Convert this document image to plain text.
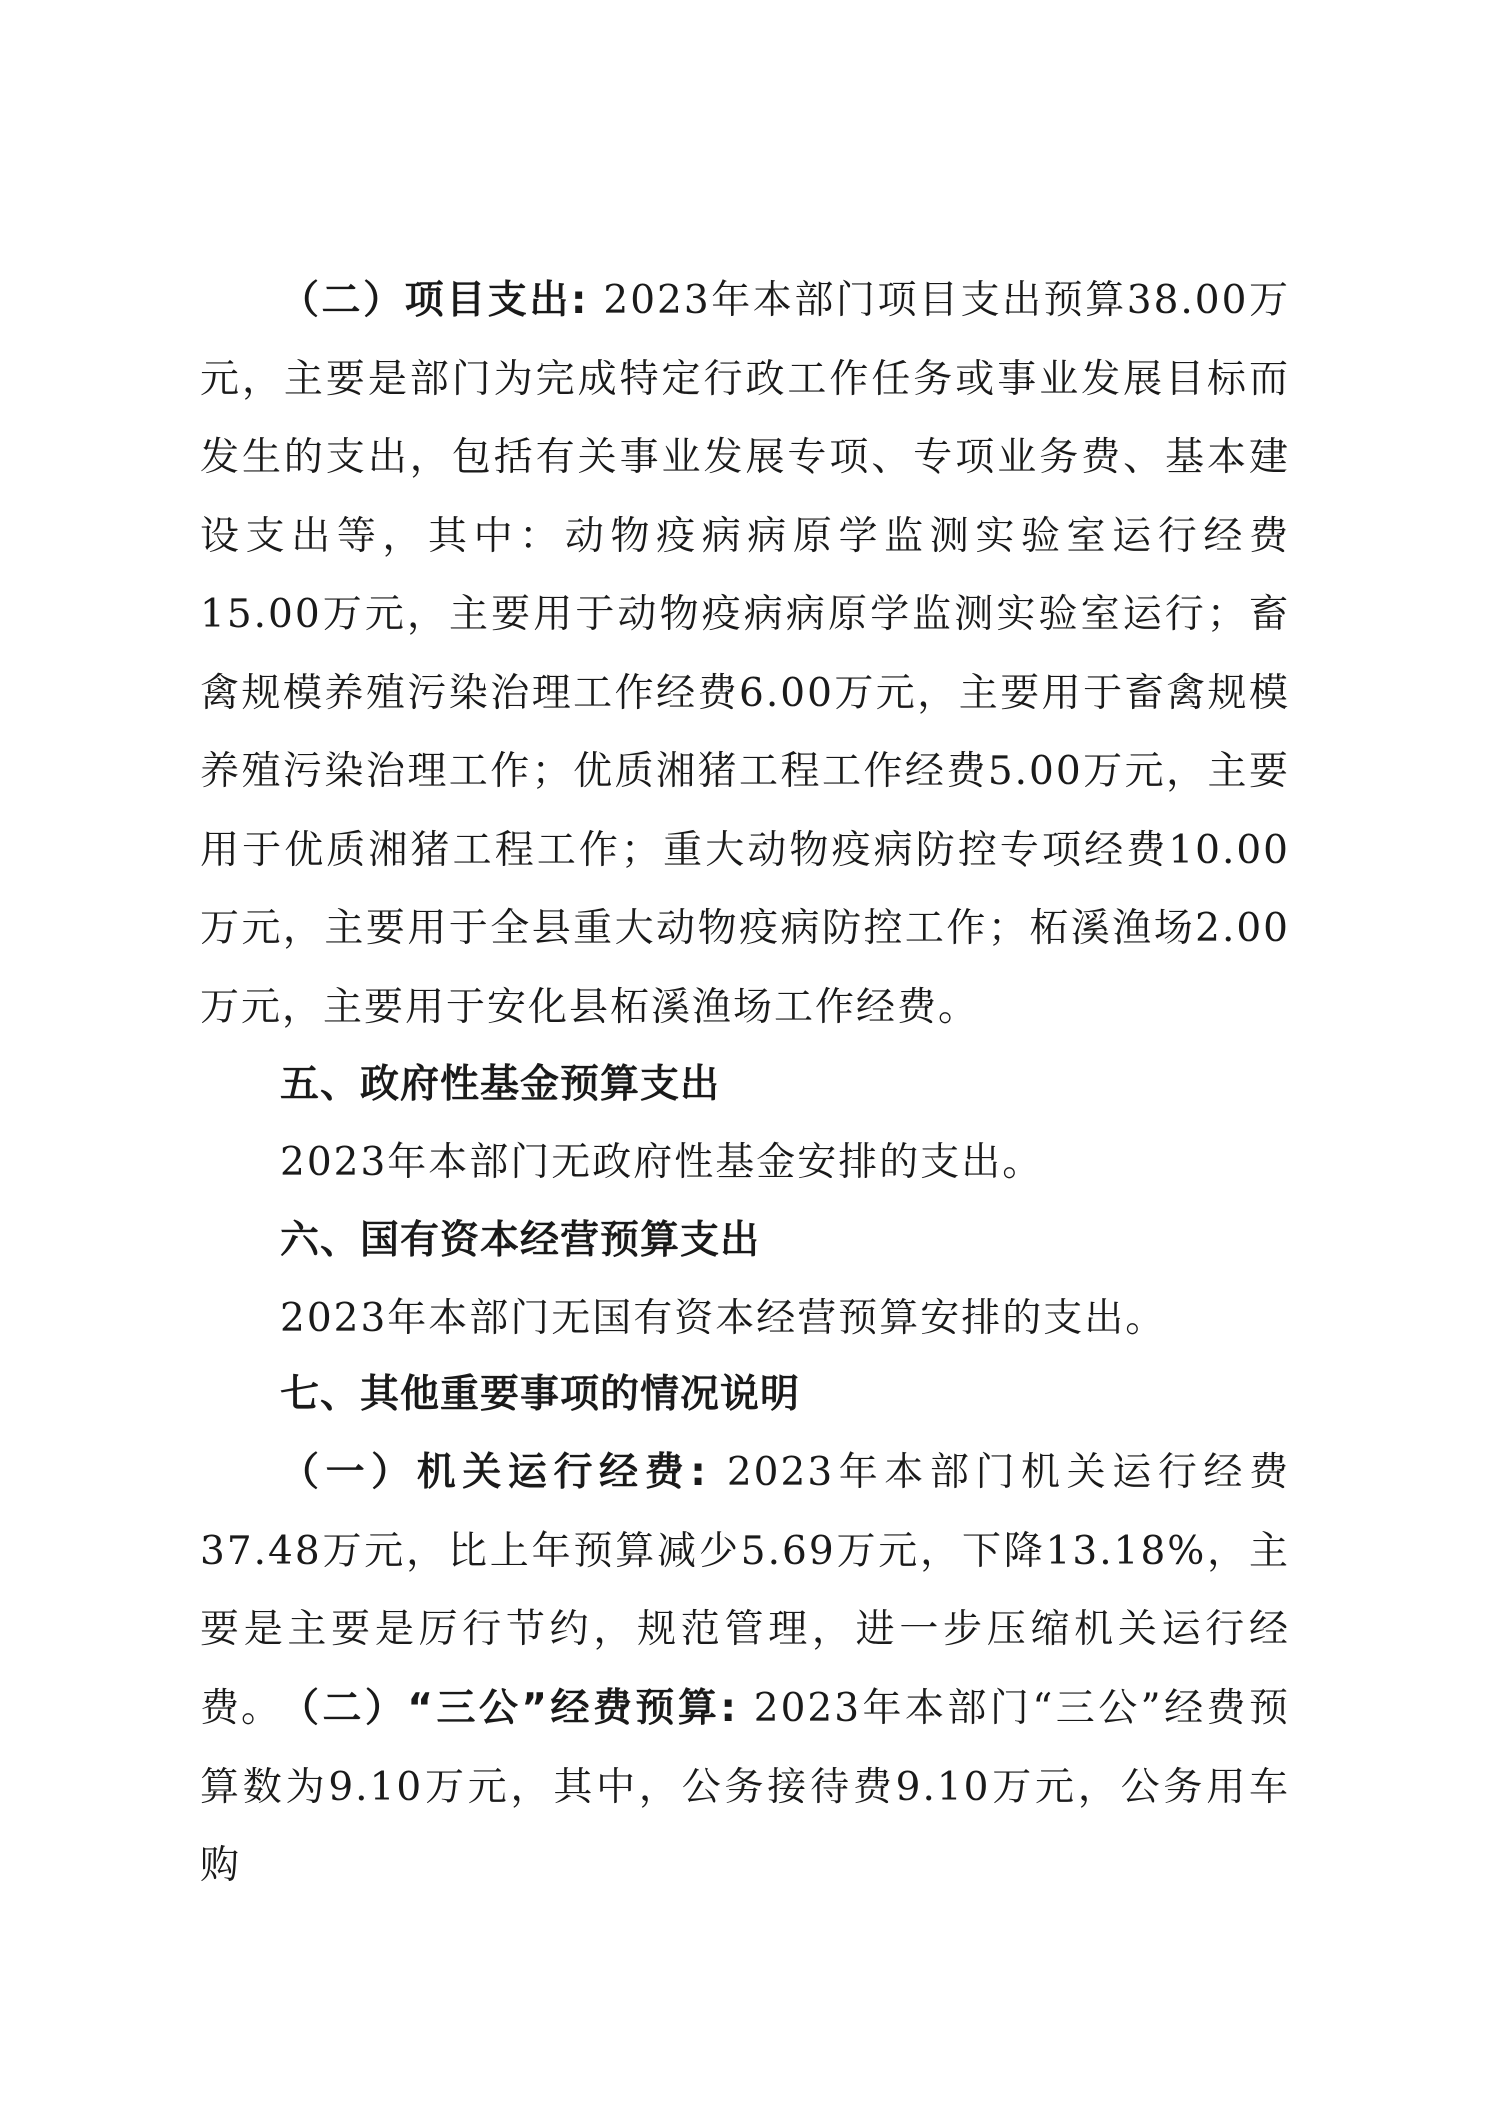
（二）项目支出: 2023年本部门项目支出预算38.00万元，主要是部门为完成特定行政工作任务或事业发展目标而发生的支出，包括有关事业发展专项、专项业务费、基本建设支出等，其中：动物疫病病原学监测实验室运行经费15.00万元，主要用于动物疫病病原学监测实验室运行；畜禽规模养殖污染治理工作经费6.00万元，主要用于畜禽规模养殖污染治理工作；优质湘猪工程工作经费5.00万元，主要用于优质湘猪工程工作；重大动物疫病防控专项经费10.00万元，主要用于全县重大动物疫病防控工作；柘溪渔场2.00万元，主要用于安化县柘溪渔场工作经费。

五、政府性基金预算支出

2023年本部门无政府性基金安排的支出。

六、国有资本经营预算支出

2023年本部门无国有资本经营预算安排的支出。

七、其他重要事项的情况说明

（一）机关运行经费: 2023年本部门机关运行经费37.48万元，比上年预算减少5.69万元，下降13.18%，主要是主要是厉行节约，规范管理，进一步压缩机关运行经费。

（二）“三公”经费预算: 2023年本部门“三公”经费预算数为9.10万元，其中，公务接待费9.10万元，公务用车购
